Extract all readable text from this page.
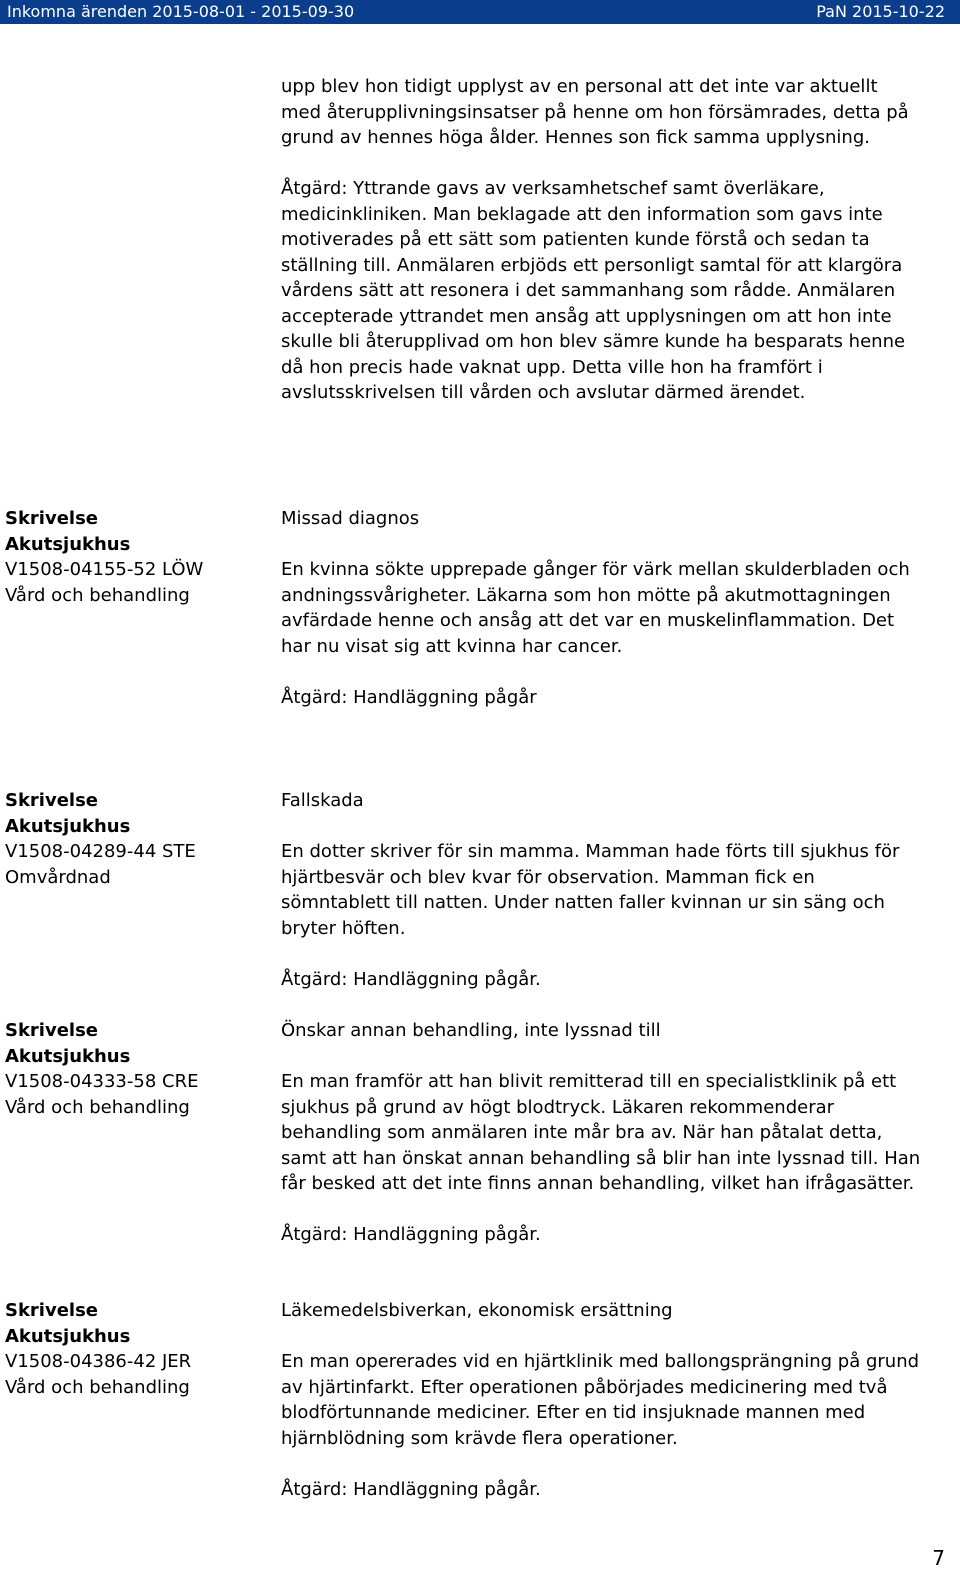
Inkomna ärenden 2015-08-01 - 2015-09-30	PaN 2015-10-22

upp blev hon tidigt upplyst av en personal att det inte var aktuellt med återupplivningsinsatser på henne om hon försämrades, detta på grund av hennes höga ålder. Hennes son fick samma upplysning.

Åtgärd: Yttrande gavs av verksamhetschef samt överläkare, medicinkliniken. Man beklagade att den information som gavs inte motiverades på ett sätt som patienten kunde förstå och sedan ta ställning till. Anmälaren erbjöds ett personligt samtal för att klargöra vårdens sätt att resonera i det sammanhang som rådde. Anmälaren accepterade yttrandet men ansåg att upplysningen om att hon inte skulle bli återupplivad om hon blev sämre kunde ha besparats henne då hon precis hade vaknat upp. Detta ville hon ha framfört i avslutsskrivelsen till vården och avslutar därmed ärendet.

Skrivelse
Akutsjukhus
V1508-04155-52 LÖW
Vård och behandling
Missad diagnos
En kvinna sökte upprepade gånger för värk mellan skulderbladen och andningssvårigheter. Läkarna som hon mötte på akutmottagningen avfärdade henne och ansåg att det var en muskelinflammation. Det har nu visat sig att kvinna har cancer.
Åtgärd: Handläggning pågår
Skrivelse
Akutsjukhus
V1508-04289-44 STE
Omvårdnad
Fallskada
En dotter skriver för sin mamma. Mamman hade förts till sjukhus för hjärtbesvär och blev kvar för observation. Mamman fick en sömntablett till natten. Under natten faller kvinnan ur sin säng och bryter höften.
Åtgärd: Handläggning pågår.
Skrivelse
Akutsjukhus
V1508-04333-58 CRE
Vård och behandling
Önskar annan behandling, inte lyssnad till
En man framför att han blivit remitterad till en specialistklinik på ett sjukhus på grund av högt blodtryck. Läkaren rekommenderar behandling som anmälaren inte mår bra av. När han påtalat detta, samt att han önskat annan behandling så blir han inte lyssnad till. Han får besked att det inte finns annan behandling, vilket han ifrågasätter.
Åtgärd: Handläggning pågår.
Skrivelse
Akutsjukhus
V1508-04386-42 JER
Vård och behandling
Läkemedelsbiverkan, ekonomisk ersättning
En man opererades vid en hjärtklinik med ballongsprängning på grund av hjärtinfarkt. Efter operationen påbörjades medicinering med två blodförtunnande mediciner. Efter en tid insjuknade mannen med hjärnblödning som krävde flera operationer.
Åtgärd: Handläggning pågår.
7
